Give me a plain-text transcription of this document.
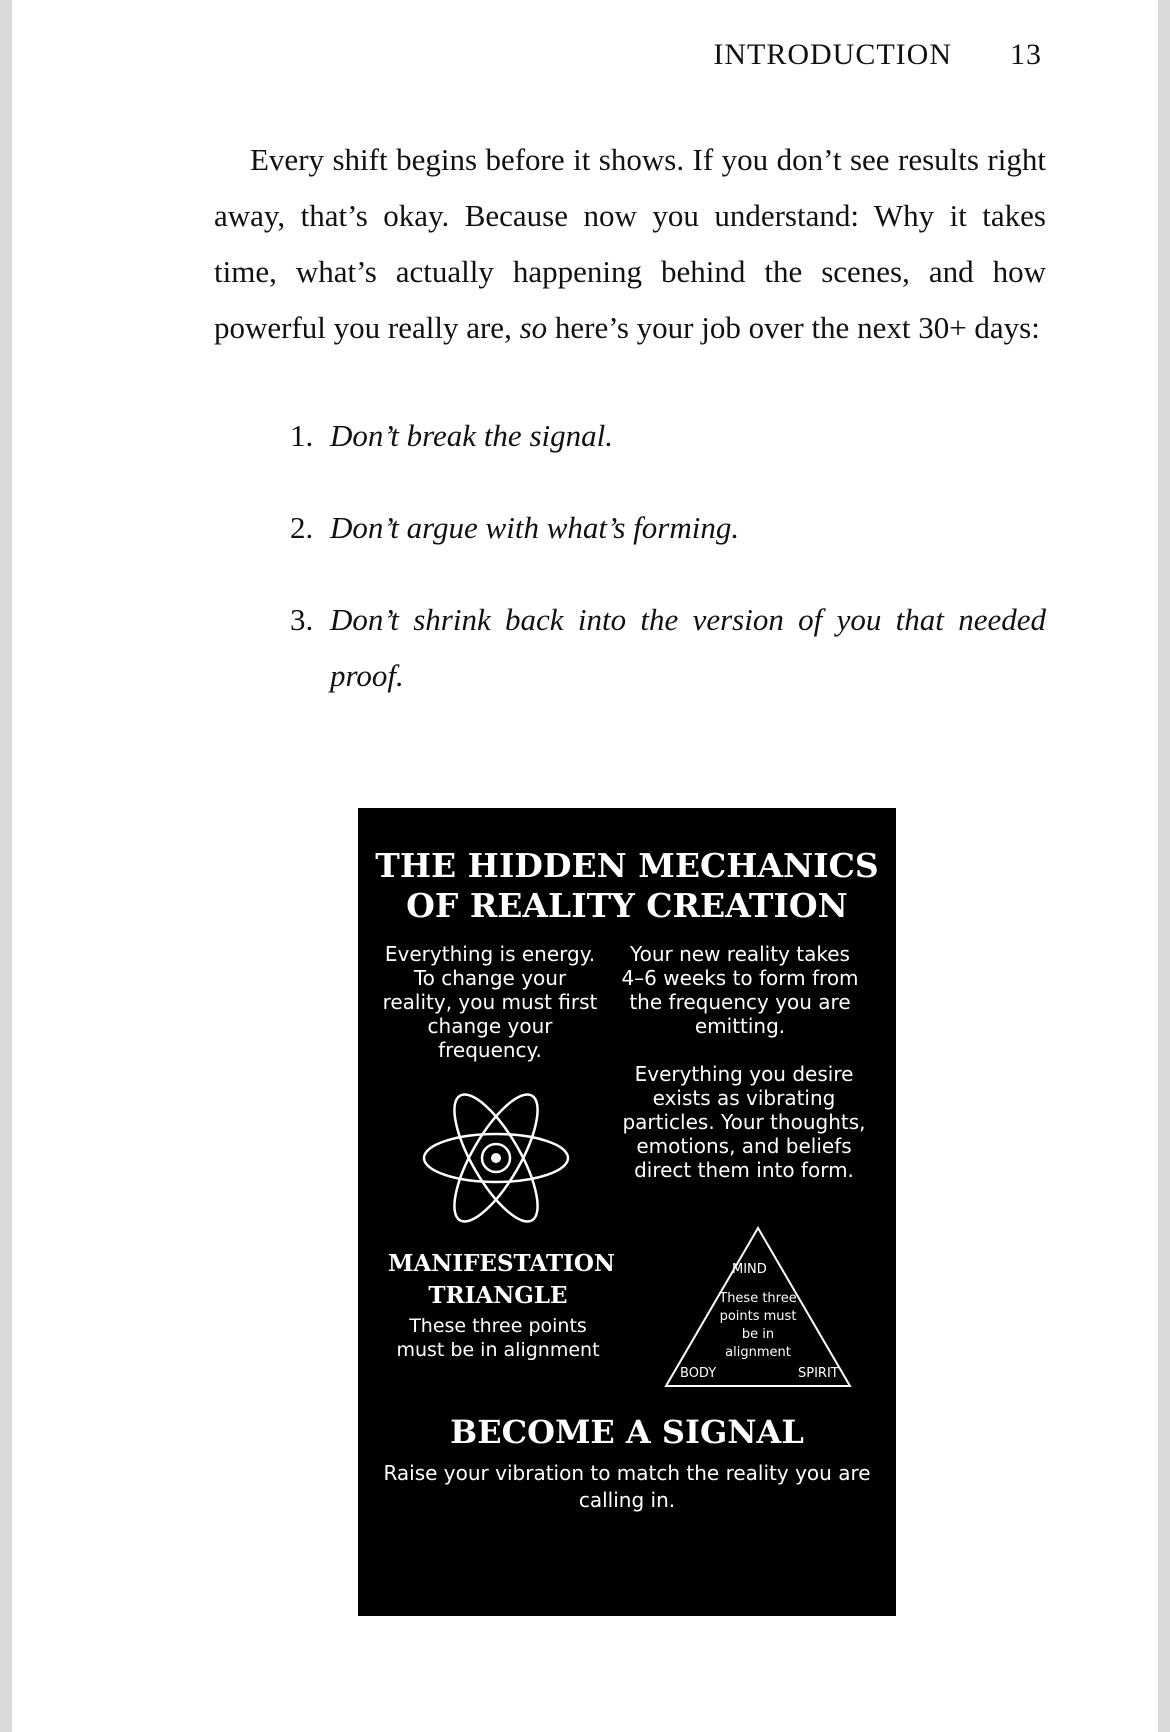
INTRODUCTION 13

Every shift begins before it shows. If you don’t see results right away, that’s okay. Because now you understand: Why it takes time, what’s actually happening behind the scenes, and how powerful you really are, so here’s your job over the next 30+ days:

1. Don’t break the signal.
2. Don’t argue with what’s forming.
3. Don’t shrink back into the version of you that needed proof.
THE HIDDEN MECHANICS
OF REALITY CREATION
Everything is energy. To change your reality, you must first change your frequency.
Your new reality takes 4–6 weeks to form from the frequency you are emitting.
Everything you desire exists as vibrating particles. Your thoughts, emotions, and beliefs direct them into form.
MANIFESTATION TRIANGLE
These three points must be in alignment
MIND
These three points must be in alignment
BODY	SPIRIT
BECOME A SIGNAL
Raise your vibration to match the reality you are calling in.
